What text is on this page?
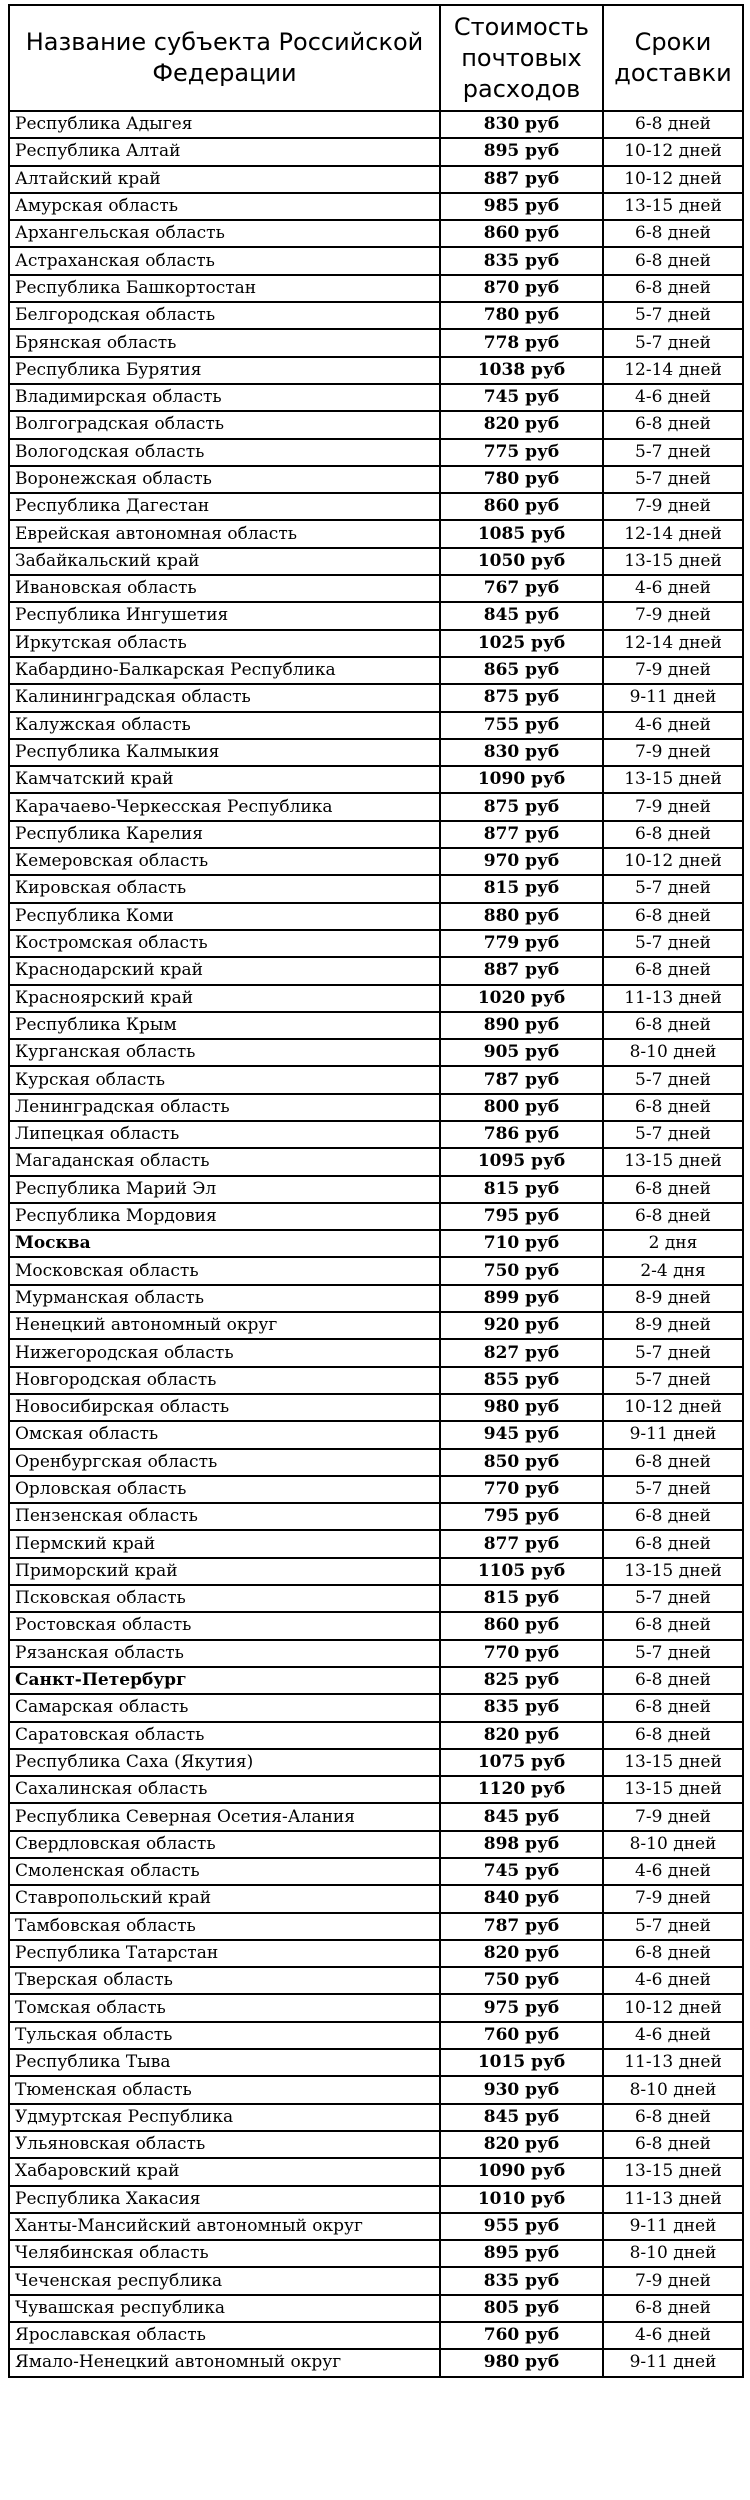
Название субъекта Российской Федерации	Стоимость почтовых расходов	Сроки доставки
Республика Адыгея	830 руб	6-8 дней
Республика Алтай	895 руб	10-12 дней
Алтайский край	887 руб	10-12 дней
Амурская область	985 руб	13-15 дней
Архангельская область	860 руб	6-8 дней
Астраханская область	835 руб	6-8 дней
Республика Башкортостан	870 руб	6-8 дней
Белгородская область	780 руб	5-7 дней
Брянская область	778 руб	5-7 дней
Республика Бурятия	1038 руб	12-14 дней
Владимирская область	745 руб	4-6 дней
Волгоградская область	820 руб	6-8 дней
Вологодская область	775 руб	5-7 дней
Воронежская область	780 руб	5-7 дней
Республика Дагестан	860 руб	7-9 дней
Еврейская автономная область	1085 руб	12-14 дней
Забайкальский край	1050 руб	13-15 дней
Ивановская область	767 руб	4-6 дней
Республика Ингушетия	845 руб	7-9 дней
Иркутская область	1025 руб	12-14 дней
Кабардино-Балкарская Республика	865 руб	7-9 дней
Калининградская область	875 руб	9-11 дней
Калужская область	755 руб	4-6 дней
Республика Калмыкия	830 руб	7-9 дней
Камчатский край	1090 руб	13-15 дней
Карачаево-Черкесская Республика	875 руб	7-9 дней
Республика Карелия	877 руб	6-8 дней
Кемеровская область	970 руб	10-12 дней
Кировская область	815 руб	5-7 дней
Республика Коми	880 руб	6-8 дней
Костромская область	779 руб	5-7 дней
Краснодарский край	887 руб	6-8 дней
Красноярский край	1020 руб	11-13 дней
Республика Крым	890 руб	6-8 дней
Курганская область	905 руб	8-10 дней
Курская область	787 руб	5-7 дней
Ленинградская область	800 руб	6-8 дней
Липецкая область	786 руб	5-7 дней
Магаданская область	1095 руб	13-15 дней
Республика Марий Эл	815 руб	6-8 дней
Республика Мордовия	795 руб	6-8 дней
Москва	710 руб	2 дня
Московская область	750 руб	2-4 дня
Мурманская область	899 руб	8-9 дней
Ненецкий автономный округ	920 руб	8-9 дней
Нижегородская область	827 руб	5-7 дней
Новгородская область	855 руб	5-7 дней
Новосибирская область	980 руб	10-12 дней
Омская область	945 руб	9-11 дней
Оренбургская область	850 руб	6-8 дней
Орловская область	770 руб	5-7 дней
Пензенская область	795 руб	6-8 дней
Пермский край	877 руб	6-8 дней
Приморский край	1105 руб	13-15 дней
Псковская область	815 руб	5-7 дней
Ростовская область	860 руб	6-8 дней
Рязанская область	770 руб	5-7 дней
Санкт-Петербург	825 руб	6-8 дней
Самарская область	835 руб	6-8 дней
Саратовская область	820 руб	6-8 дней
Республика Саха (Якутия)	1075 руб	13-15 дней
Сахалинская область	1120 руб	13-15 дней
Республика Северная Осетия-Алания	845 руб	7-9 дней
Свердловская область	898 руб	8-10 дней
Смоленская область	745 руб	4-6 дней
Ставропольский край	840 руб	7-9 дней
Тамбовская область	787 руб	5-7 дней
Республика Татарстан	820 руб	6-8 дней
Тверская область	750 руб	4-6 дней
Томская область	975 руб	10-12 дней
Тульская область	760 руб	4-6 дней
Республика Тыва	1015 руб	11-13 дней
Тюменская область	930 руб	8-10 дней
Удмуртская Республика	845 руб	6-8 дней
Ульяновская область	820 руб	6-8 дней
Хабаровский край	1090 руб	13-15 дней
Республика Хакасия	1010 руб	11-13 дней
Ханты-Мансийский автономный округ	955 руб	9-11 дней
Челябинская область	895 руб	8-10 дней
Чеченская республика	835 руб	7-9 дней
Чувашская республика	805 руб	6-8 дней
Ярославская область	760 руб	4-6 дней
Ямало-Ненецкий автономный округ	980 руб	9-11 дней
